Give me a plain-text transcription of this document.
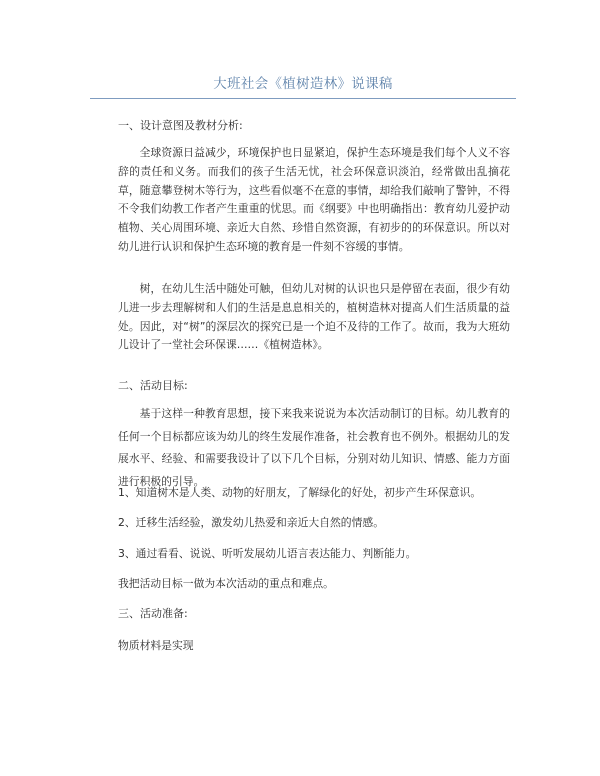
大班社会《植树造林》说课稿
一、设计意图及教材分析:
全球资源日益减少，环境保护也日显紧迫，保护生态环境是我们每个人义不容辞的责任和义务。而我们的孩子生活无忧，社会环保意识淡泊，经常做出乱摘花草，随意攀登树木等行为，这些看似毫不在意的事情，却给我们敲响了警钟，不得不令我们幼教工作者产生重重的忧思。而《纲要》中也明确指出：教育幼儿爱护动植物、关心周围环境、亲近大自然、珍惜自然资源，有初步的的环保意识。所以对幼儿进行认识和保护生态环境的教育是一件刻不容缓的事情。
树，在幼儿生活中随处可触，但幼儿对树的认识也只是停留在表面，很少有幼儿进一步去理解树和人们的生活是息息相关的，植树造林对提高人们生活质量的益处。因此，对“树”的深层次的探究已是一个迫不及待的工作了。故而，我为大班幼儿设计了一堂社会环保课……《植树造林》。
二、活动目标:
基于这样一种教育思想，接下来我来说说为本次活动制订的目标。幼儿教育的任何一个目标都应该为幼儿的终生发展作准备，社会教育也不例外。根据幼儿的发展水平、经验、和需要我设计了以下几个目标，分别对幼儿知识、情感、能力方面进行积极的引导。
1、知道树木是人类、动物的好朋友，了解绿化的好处，初步产生环保意识。
2、迁移生活经验，激发幼儿热爱和亲近大自然的情感。
3、通过看看、说说、听听发展幼儿语言表达能力、判断能力。
我把活动目标一做为本次活动的重点和难点。
三、活动准备:
物质材料是实现
